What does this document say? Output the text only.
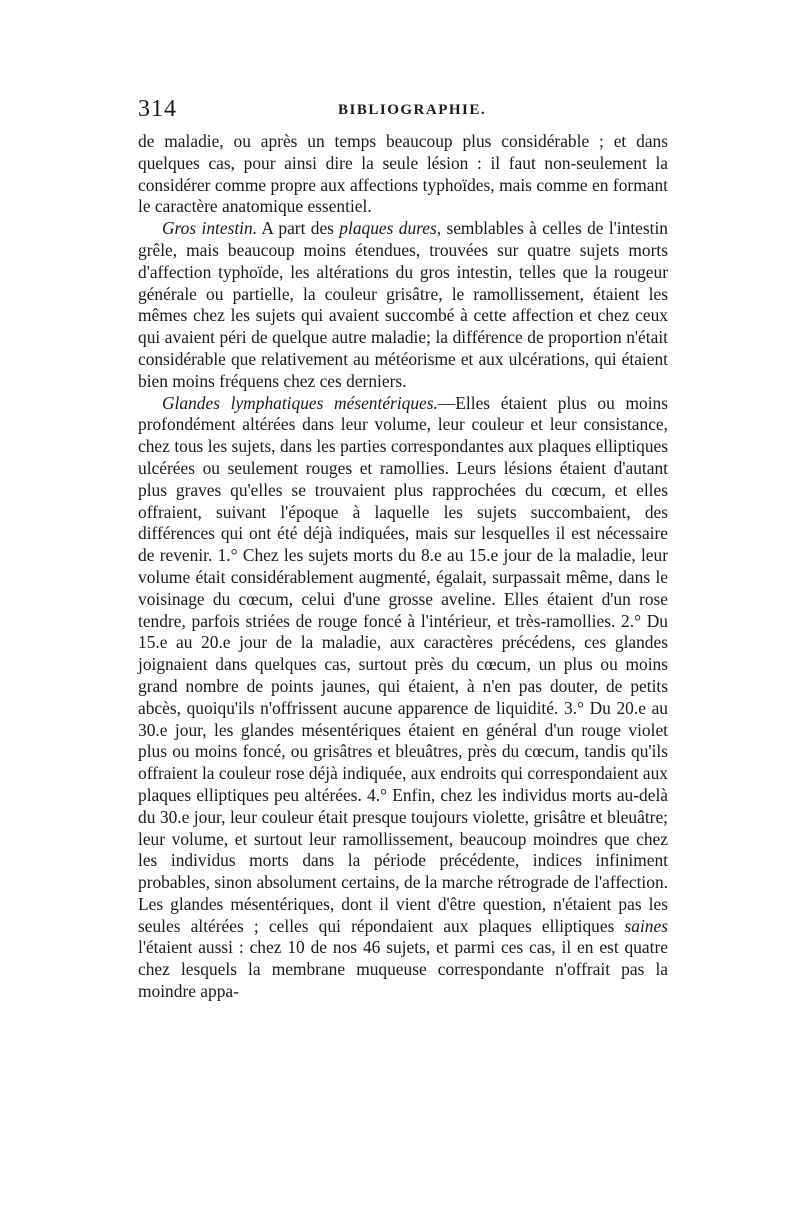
314	BIBLIOGRAPHIE.

de maladie, ou après un temps beaucoup plus considérable ; et dans quelques cas, pour ainsi dire la seule lésion : il faut non-seulement la considérer comme propre aux affections typhoïdes, mais comme en formant le caractère anatomique essentiel.

Gros intestin. A part des plaques dures, semblables à celles de l'intestin grêle, mais beaucoup moins étendues, trouvées sur quatre sujets morts d'affection typhoïde, les altérations du gros intestin, telles que la rougeur générale ou partielle, la couleur grisâtre, le ramollissement, étaient les mêmes chez les sujets qui avaient succombé à cette affection et chez ceux qui avaient péri de quelque autre maladie; la différence de proportion n'était considérable que relativement au météorisme et aux ulcérations, qui étaient bien moins fréquens chez ces derniers.

Glandes lymphatiques mésentériques.—Elles étaient plus ou moins profondément altérées dans leur volume, leur couleur et leur consistance, chez tous les sujets, dans les parties correspondantes aux plaques elliptiques ulcérées ou seulement rouges et ramollies. Leurs lésions étaient d'autant plus graves qu'elles se trouvaient plus rapprochées du cœcum, et elles offraient, suivant l'époque à laquelle les sujets succombaient, des différences qui ont été déjà indiquées, mais sur lesquelles il est nécessaire de revenir. 1.° Chez les sujets morts du 8.e au 15.e jour de la maladie, leur volume était considérablement augmenté, égalait, surpassait même, dans le voisinage du cœcum, celui d'une grosse aveline. Elles étaient d'un rose tendre, parfois striées de rouge foncé à l'intérieur, et très-ramollies. 2.° Du 15.e au 20.e jour de la maladie, aux caractères précédens, ces glandes joignaient dans quelques cas, surtout près du cœcum, un plus ou moins grand nombre de points jaunes, qui étaient, à n'en pas douter, de petits abcès, quoiqu'ils n'offrissent aucune apparence de liquidité. 3.° Du 20.e au 30.e jour, les glandes mésentériques étaient en général d'un rouge violet plus ou moins foncé, ou grisâtres et bleuâtres, près du cœcum, tandis qu'ils offraient la couleur rose déjà indiquée, aux endroits qui correspondaient aux plaques elliptiques peu altérées. 4.° Enfin, chez les individus morts au-delà du 30.e jour, leur couleur était presque toujours violette, grisâtre et bleuâtre; leur volume, et surtout leur ramollissement, beaucoup moindres que chez les individus morts dans la période précédente, indices infiniment probables, sinon absolument certains, de la marche rétrograde de l'affection. Les glandes mésentériques, dont il vient d'être question, n'étaient pas les seules altérées ; celles qui répondaient aux plaques elliptiques saines l'étaient aussi : chez 10 de nos 46 sujets, et parmi ces cas, il en est quatre chez lesquels la membrane muqueuse correspondante n'offrait pas la moindre appa-
